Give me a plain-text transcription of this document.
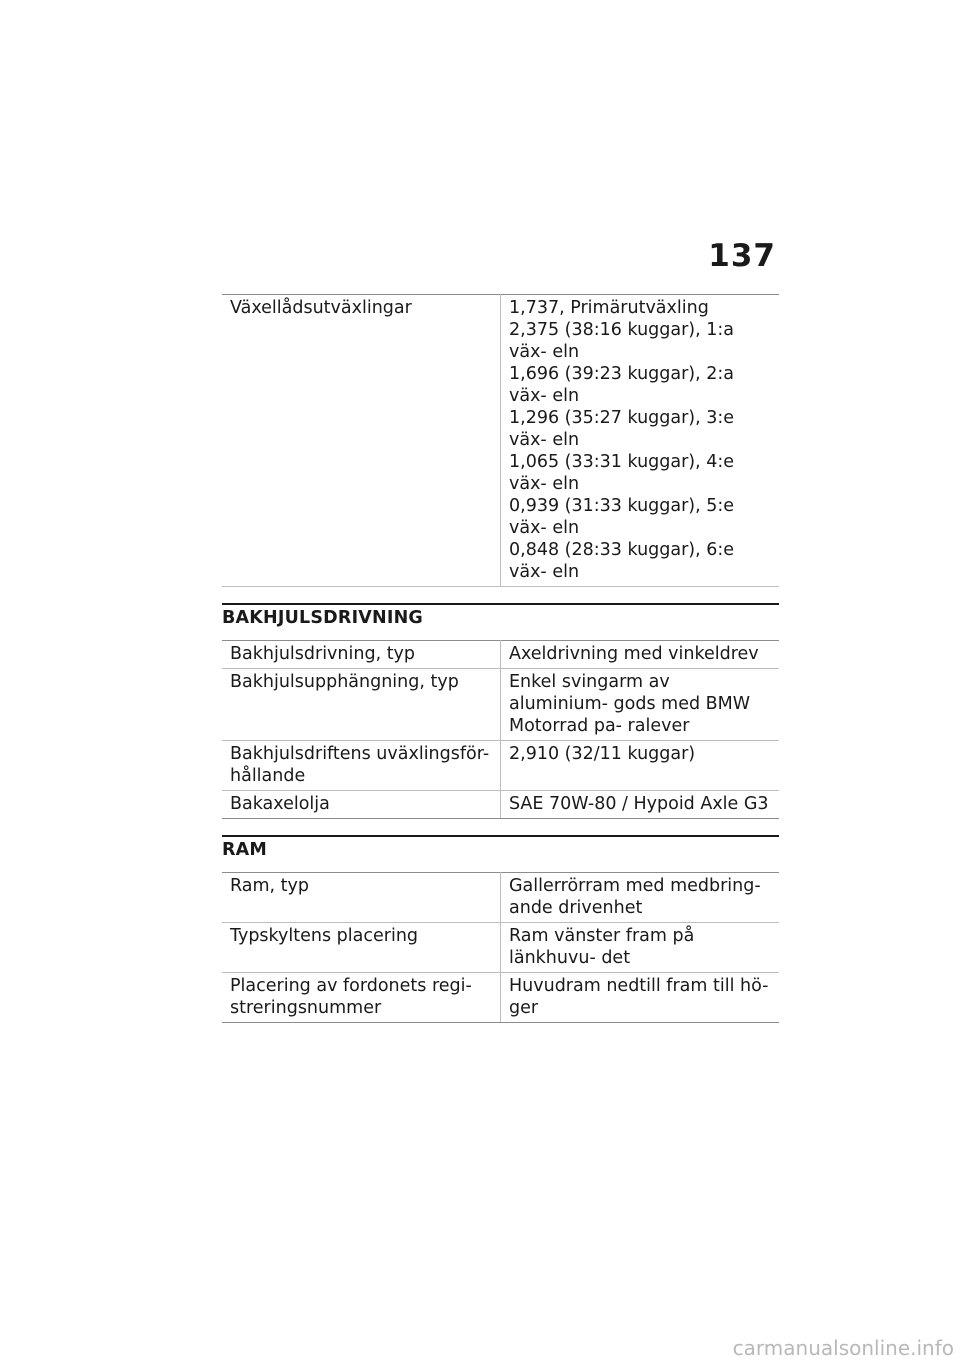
137
Växellådsutväxlingar	1,737, Primärutväxling
2,375 (38:16 kuggar), 1:a väx- eln
1,696 (39:23 kuggar), 2:a väx- eln
1,296 (35:27 kuggar), 3:e väx- eln
1,065 (33:31 kuggar), 4:e väx- eln
0,939 (31:33 kuggar), 5:e väx- eln
0,848 (28:33 kuggar), 6:e väx- eln
BAKHJULSDRIVNING
Bakhjulsdrivning, typ	Axeldrivning med vinkeldrev
Bakhjulsupphängning, typ	Enkel svingarm av aluminium- gods med BMW Motorrad pa- ralever
Bakhjulsdriftens uväxlingsför- hållande	2,910 (32/11 kuggar)
Bakaxelolja	SAE 70W-80 / Hypoid Axle G3
RAM
Ram, typ	Gallerrörram med medbring- ande drivenhet
Typskyltens placering	Ram vänster fram på länkhuvu- det
Placering av fordonets regi- streringsnummer	Huvudram nedtill fram till hö- ger
carmanualsonline.info
